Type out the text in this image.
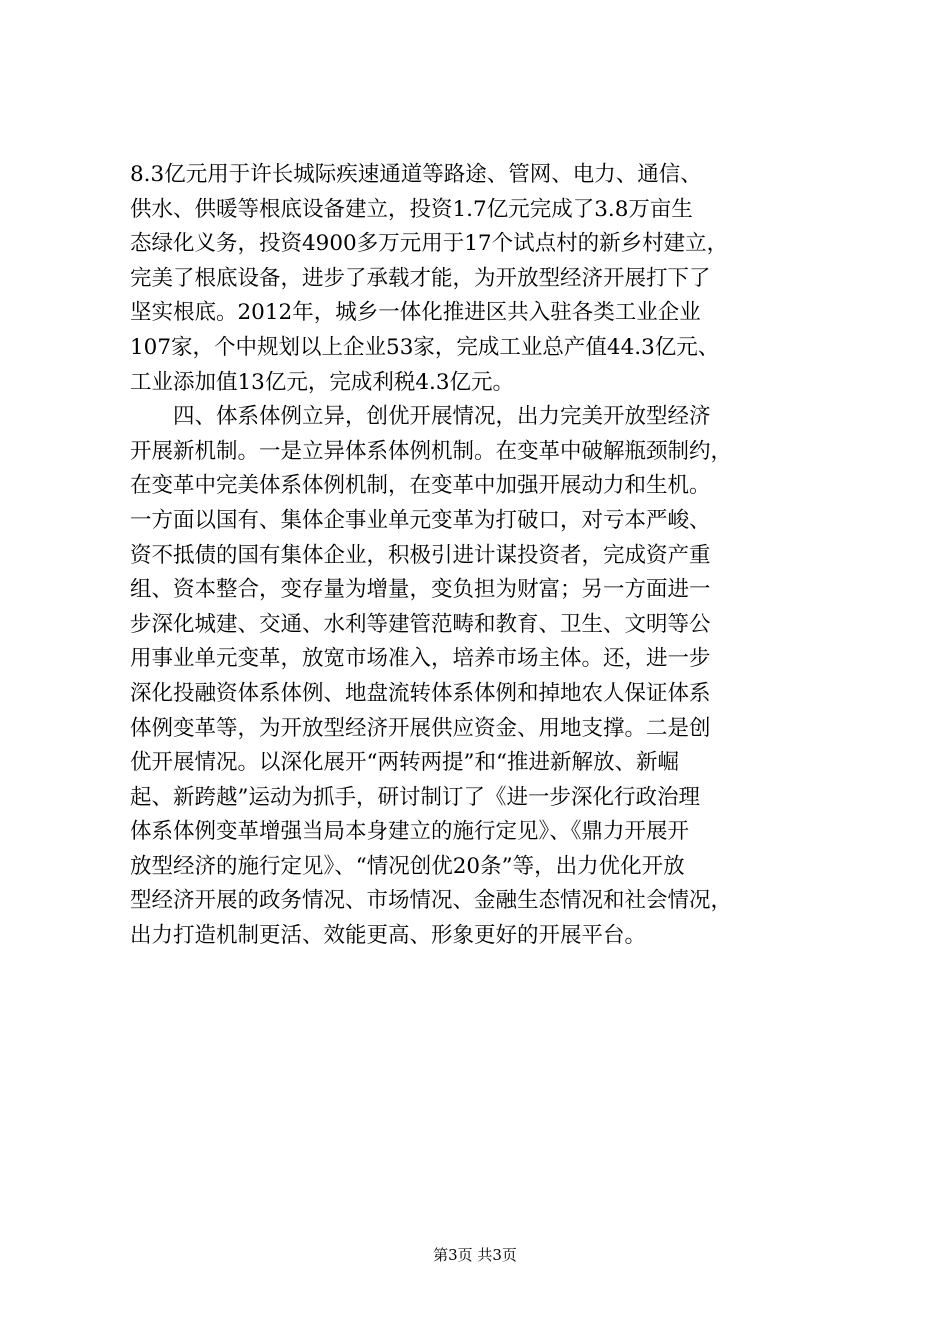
8.3亿元用于许长城际疾速通道等路途、管网、电力、通信、
供水、供暖等根底设备建立，投资1.7亿元完成了3.8万亩生
态绿化义务，投资4900多万元用于17个试点村的新乡村建立，
完美了根底设备，进步了承载才能，为开放型经济开展打下了
坚实根底。2012年，城乡一体化推进区共入驻各类工业企业
107家，个中规划以上企业53家，完成工业总产值44.3亿元、
工业添加值13亿元，完成利税4.3亿元。
　　四、体系体例立异，创优开展情况，出力完美开放型经济
开展新机制。一是立异体系体例机制。在变革中破解瓶颈制约，
在变革中完美体系体例机制，在变革中加强开展动力和生机。
一方面以国有、集体企事业单元变革为打破口，对亏本严峻、
资不抵债的国有集体企业，积极引进计谋投资者，完成资产重
组、资本整合，变存量为增量，变负担为财富；另一方面进一
步深化城建、交通、水利等建管范畴和教育、卫生、文明等公
用事业单元变革，放宽市场准入，培养市场主体。还，进一步
深化投融资体系体例、地盘流转体系体例和掉地农人保证体系
体例变革等，为开放型经济开展供应资金、用地支撑。二是创
优开展情况。以深化展开“两转两提”和“推进新解放、新崛
起、新跨越”运动为抓手，研讨制订了《进一步深化行政治理
体系体例变革增强当局本身建立的施行定见》、《鼎力开展开
放型经济的施行定见》、“情况创优20条”等，出力优化开放
型经济开展的政务情况、市场情况、金融生态情况和社会情况，
出力打造机制更活、效能更高、形象更好的开展平台。
第3页 共3页
